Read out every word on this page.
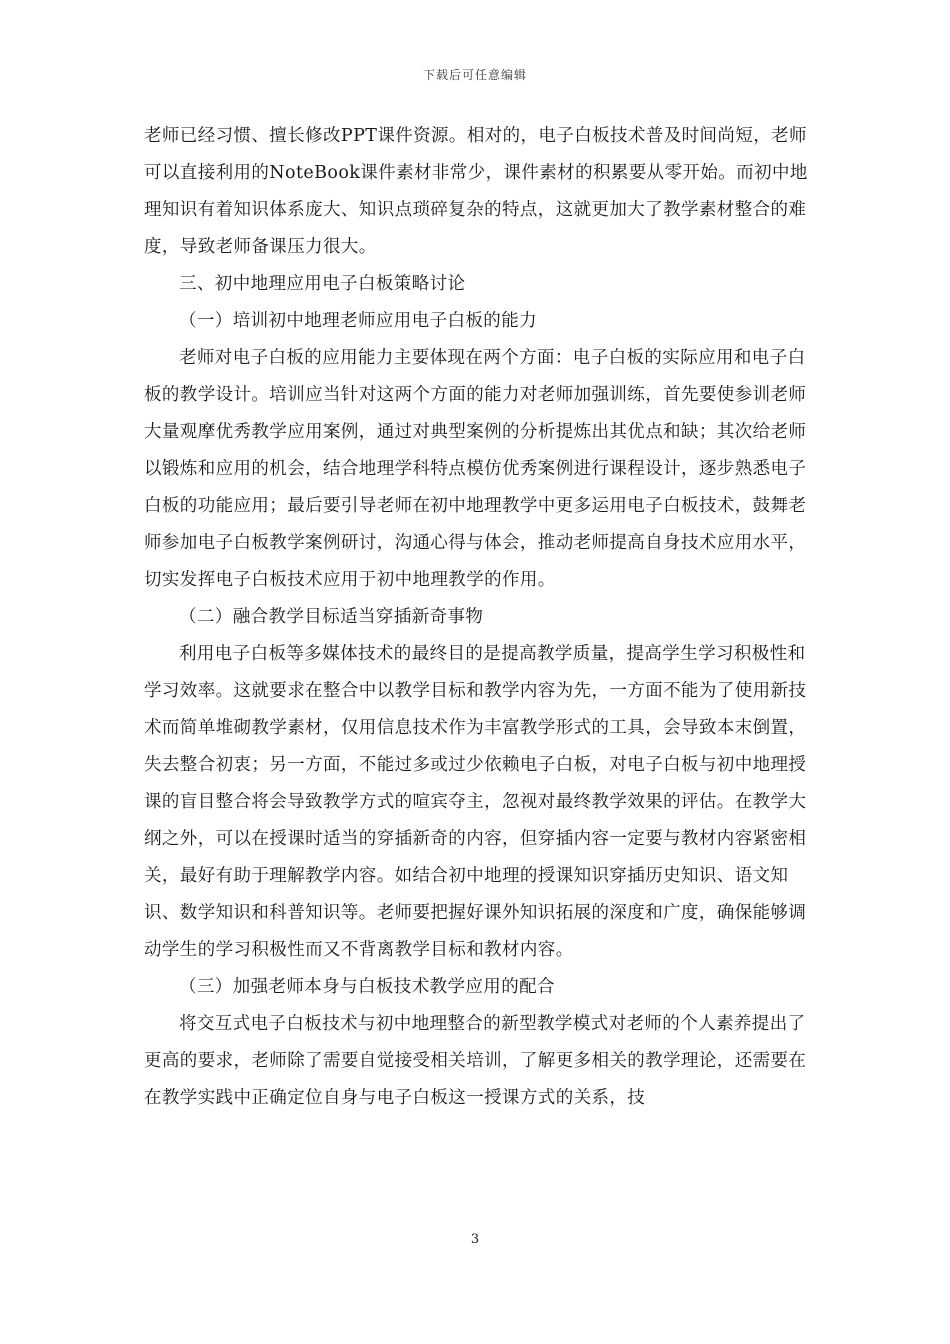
下载后可任意编辑

老师已经习惯、擅长修改PPT课件资源。相对的，电子白板技术普及时间尚短，老师可以直接利用的NoteBook课件素材非常少，课件素材的积累要从零开始。而初中地理知识有着知识体系庞大、知识点琐碎复杂的特点，这就更加大了教学素材整合的难度，导致老师备课压力很大。

三、初中地理应用电子白板策略讨论

（一）培训初中地理老师应用电子白板的能力

老师对电子白板的应用能力主要体现在两个方面：电子白板的实际应用和电子白板的教学设计。培训应当针对这两个方面的能力对老师加强训练，首先要使参训老师大量观摩优秀教学应用案例，通过对典型案例的分析提炼出其优点和缺；其次给老师以锻炼和应用的机会，结合地理学科特点模仿优秀案例进行课程设计，逐步熟悉电子白板的功能应用；最后要引导老师在初中地理教学中更多运用电子白板技术，鼓舞老师参加电子白板教学案例研讨，沟通心得与体会，推动老师提高自身技术应用水平，切实发挥电子白板技术应用于初中地理教学的作用。

（二）融合教学目标适当穿插新奇事物

利用电子白板等多媒体技术的最终目的是提高教学质量，提高学生学习积极性和学习效率。这就要求在整合中以教学目标和教学内容为先，一方面不能为了使用新技术而简单堆砌教学素材，仅用信息技术作为丰富教学形式的工具，会导致本末倒置，失去整合初衷；另一方面，不能过多或过少依赖电子白板，对电子白板与初中地理授课的盲目整合将会导致教学方式的喧宾夺主，忽视对最终教学效果的评估。在教学大纲之外，可以在授课时适当的穿插新奇的内容，但穿插内容一定要与教材内容紧密相关，最好有助于理解教学内容。如结合初中地理的授课知识穿插历史知识、语文知识、数学知识和科普知识等。老师要把握好课外知识拓展的深度和广度，确保能够调动学生的学习积极性而又不背离教学目标和教材内容。

（三）加强老师本身与白板技术教学应用的配合

将交互式电子白板技术与初中地理整合的新型教学模式对老师的个人素养提出了更高的要求，老师除了需要自觉接受相关培训，了解更多相关的教学理论，还需要在在教学实践中正确定位自身与电子白板这一授课方式的关系，技

3
